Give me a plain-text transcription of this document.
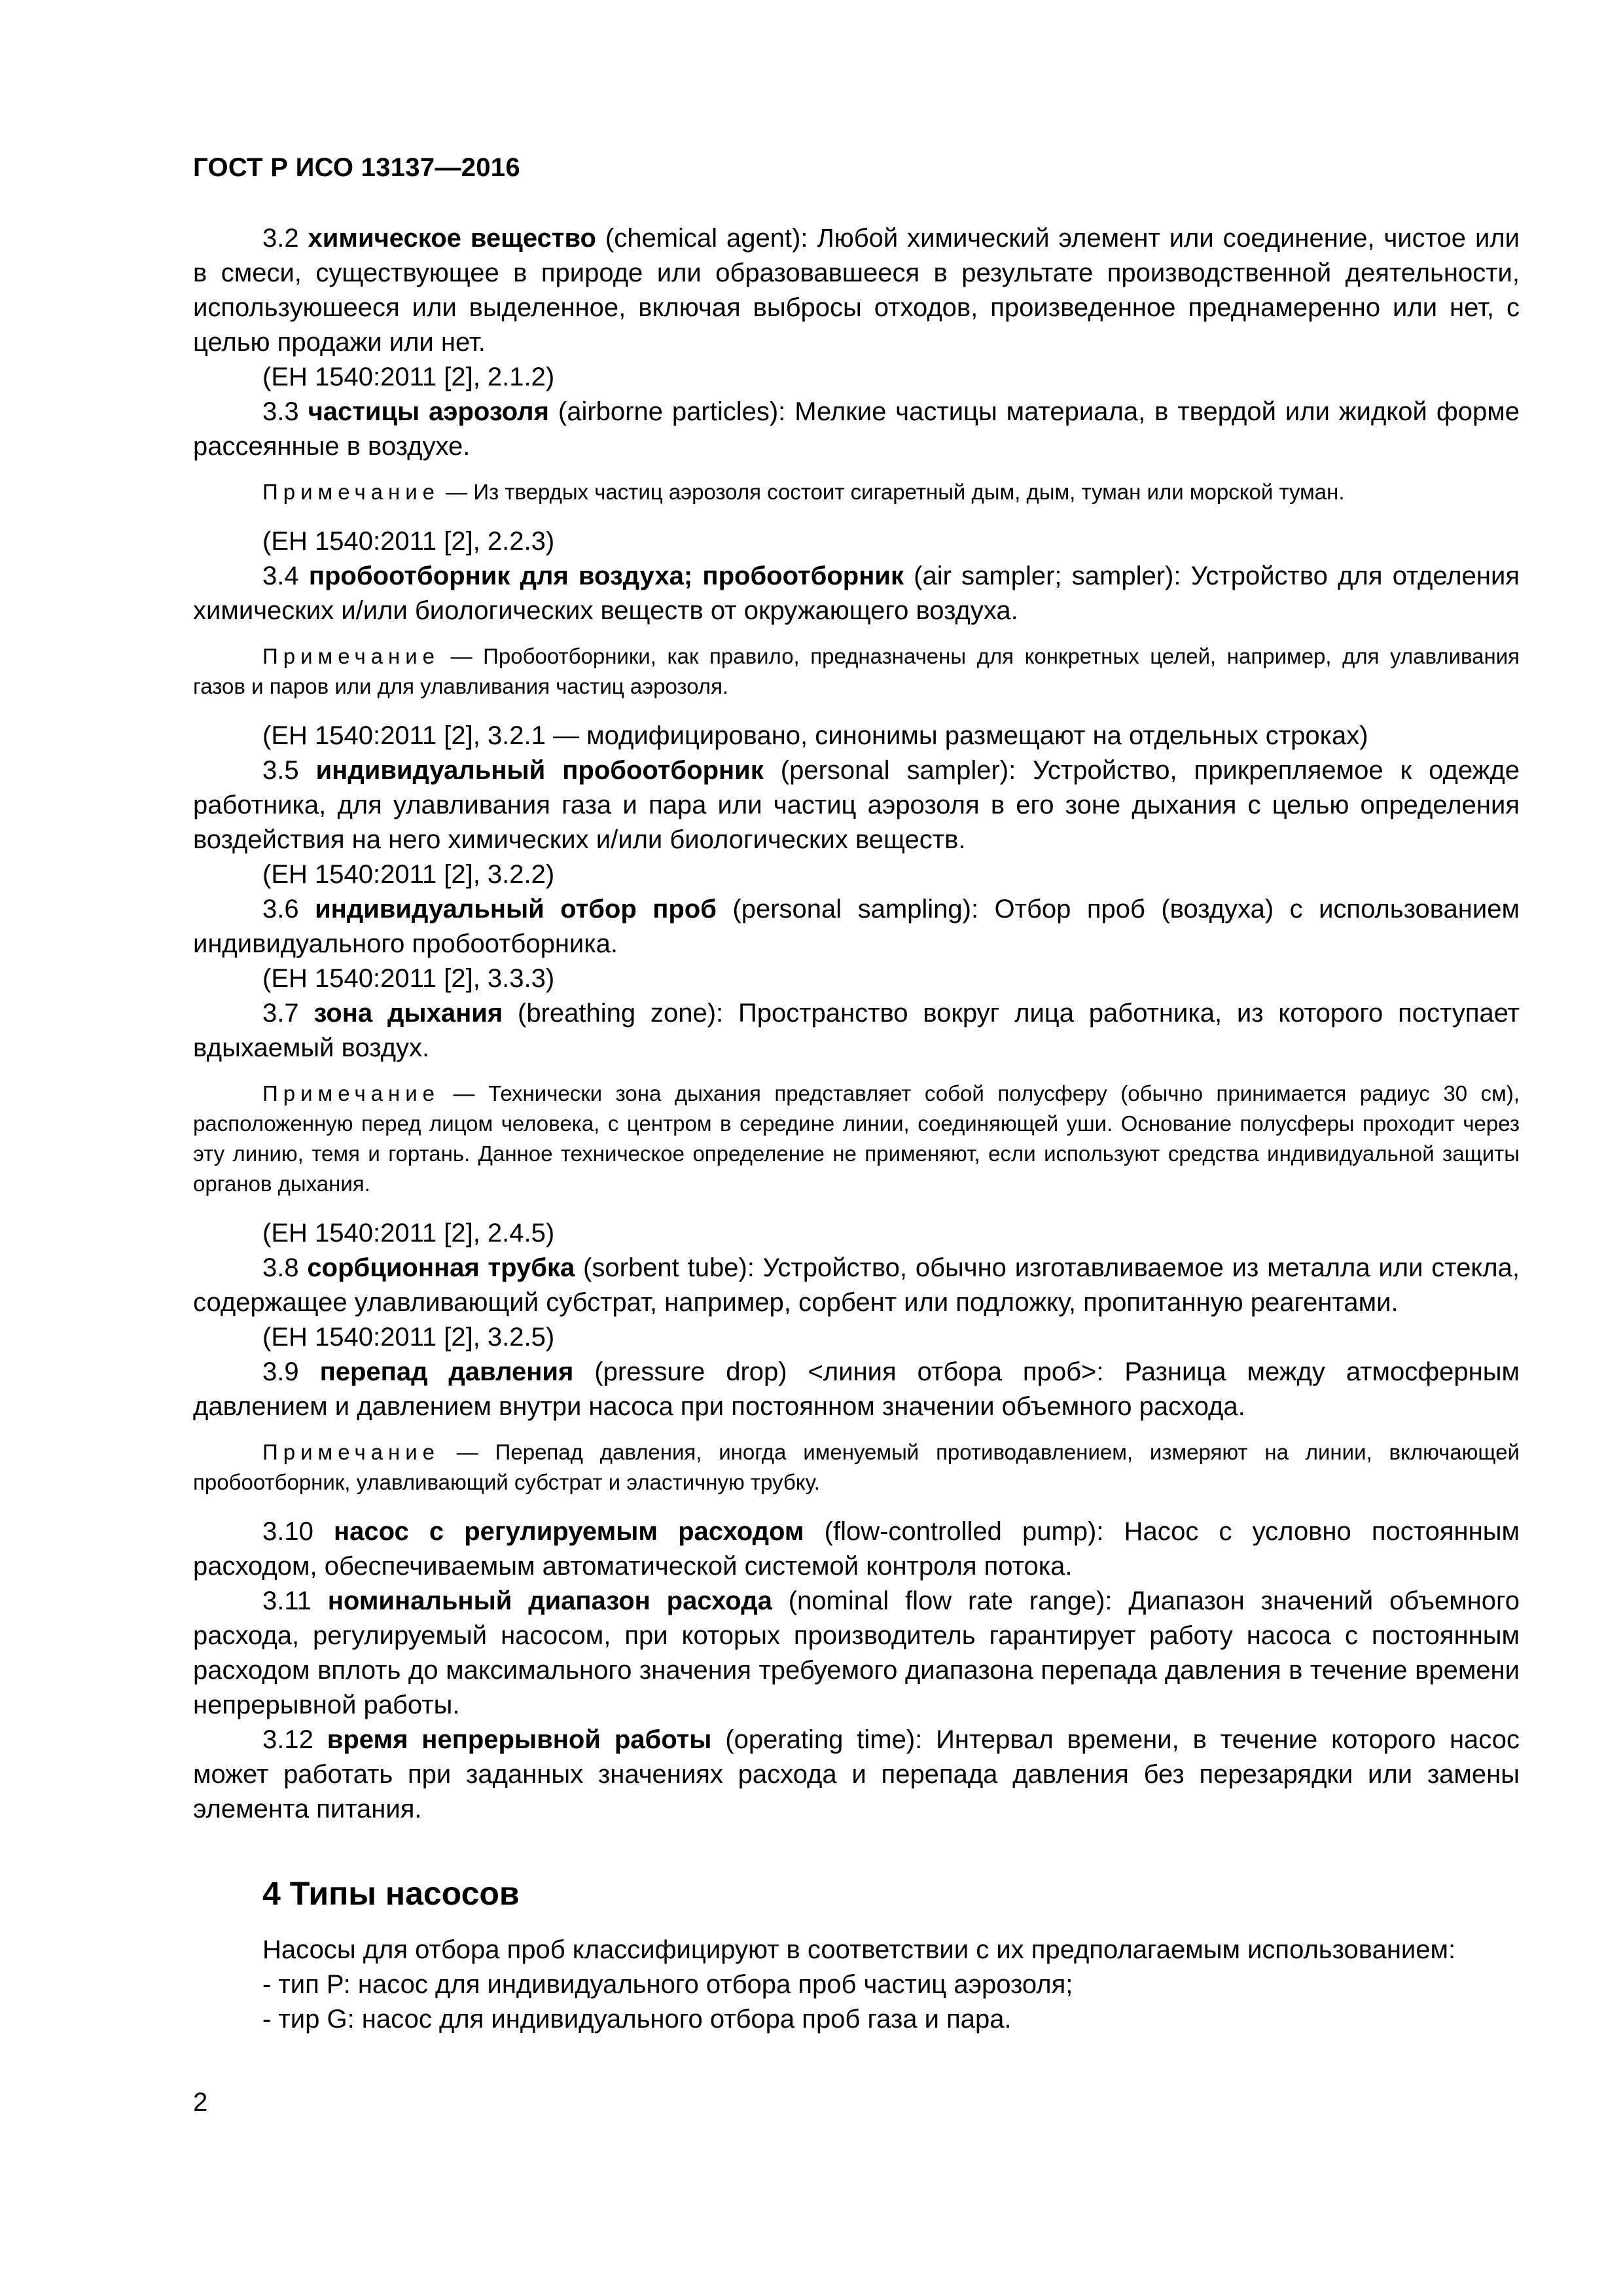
ГОСТ Р ИСО 13137—2016

3.2 химическое вещество (chemical agent): Любой химический элемент или соединение, чистое или в смеси, существующее в природе или образовавшееся в результате производственной деятельности, используюшееся или выделенное, включая выбросы отходов, произведенное преднамеренно или нет, с целью продажи или нет.

(ЕН 1540:2011 [2], 2.1.2)

3.3 частицы аэрозоля (airborne particles): Мелкие частицы материала, в твердой или жидкой форме рассеянные в воздухе.

Примечание — Из твердых частиц аэрозоля состоит сигаретный дым, дым, туман или морской туман.

(ЕН 1540:2011 [2], 2.2.3)

3.4 пробоотборник для воздуха; пробоотборник (air sampler; sampler): Устройство для отделения химических и/или биологических веществ от окружающего воздуха.

Примечание — Пробоотборники, как правило, предназначены для конкретных целей, например, для улавливания газов и паров или для улавливания частиц аэрозоля.

(ЕН 1540:2011 [2], 3.2.1 — модифицировано, синонимы размещают на отдельных строках)

3.5 индивидуальный пробоотборник (personal sampler): Устройство, прикрепляемое к одежде работника, для улавливания газа и пара или частиц аэрозоля в его зоне дыхания с целью определения воздействия на него химических и/или биологических веществ.

(ЕН 1540:2011 [2], 3.2.2)

3.6 индивидуальный отбор проб (personal sampling): Отбор проб (воздуха) с использованием индивидуального пробоотборника.

(ЕН 1540:2011 [2], 3.3.3)

3.7 зона дыхания (breathing zone): Пространство вокруг лица работника, из которого поступает вдыхаемый воздух.

Примечание — Технически зона дыхания представляет собой полусферу (обычно принимается радиус 30 см), расположенную перед лицом человека, с центром в середине линии, соединяющей уши. Основание полусферы проходит через эту линию, темя и гортань. Данное техническое определение не применяют, если используют средства индивидуальной защиты органов дыхания.

(ЕН 1540:2011 [2], 2.4.5)

3.8 сорбционная трубка (sorbent tube): Устройство, обычно изготавливаемое из металла или стекла, содержащее улавливающий субстрат, например, сорбент или подложку, пропитанную реагентами.

(ЕН 1540:2011 [2], 3.2.5)

3.9 перепад давления (pressure drop) <линия отбора проб>: Разница между атмосферным давлением и давлением внутри насоса при постоянном значении объемного расхода.

Примечание — Перепад давления, иногда именуемый противодавлением, измеряют на линии, включающей пробоотборник, улавливающий субстрат и эластичную трубку.

3.10 насос с регулируемым расходом (flow-controlled pump): Насос с условно постоянным расходом, обеспечиваемым автоматической системой контроля потока.

3.11 номинальный диапазон расхода (nominal flow rate range): Диапазон значений объемного расхода, регулируемый насосом, при которых производитель гарантирует работу насоса с постоянным расходом вплоть до максимального значения требуемого диапазона перепада давления в течение времени непрерывной работы.

3.12 время непрерывной работы (operating time): Интервал времени, в течение которого насос может работать при заданных значениях расхода и перепада давления без перезарядки или замены элемента питания.

4 Типы насосов

Насосы для отбора проб классифицируют в соответствии с их предполагаемым использованием:

- тип Р: насос для индивидуального отбора проб частиц аэрозоля;
- тир G: насос для индивидуального отбора проб газа и пара.
2
